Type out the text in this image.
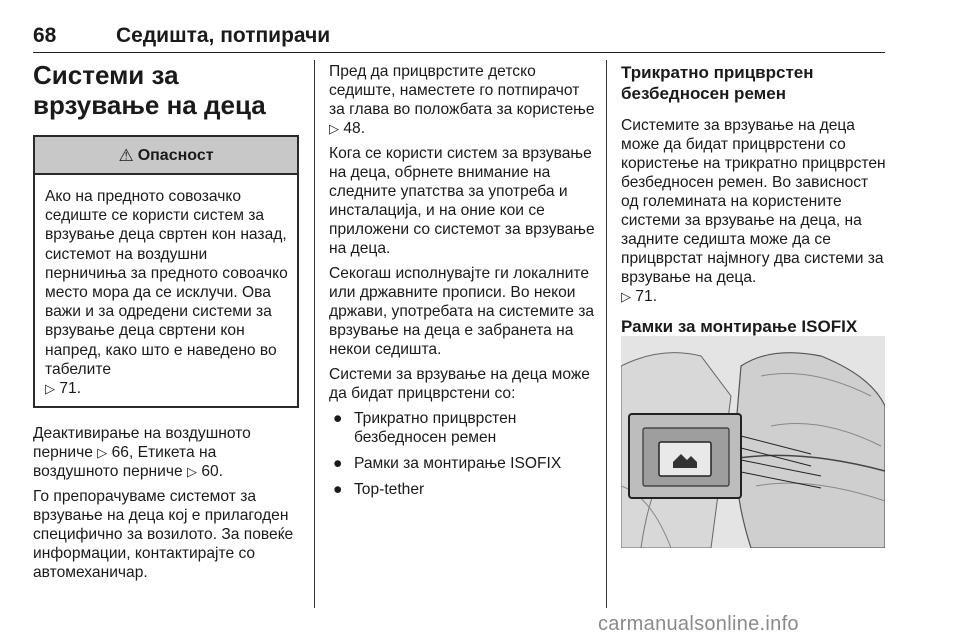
68	Седишта, потпирачи
Системи за врзување на деца
⚠ Опасност
Ако на предното совозачко седиште се користи систем за врзување деца свртен кон назад, системот на воздушни перничиња за предното совоачко место мора да се исклучи. Ова важи и за одредени системи за врзување деца свртени кон напред, како што е наведено во табелите
▷ 71.

Деактивирање на воздушното перниче ▷ 66, Етикета на воздушното перниче ▷ 60.

Го препорачуваме системот за врзување на деца кој е прилагоден специфично за возилото. За повеќе информации, контактирајте со автомеханичар.

Пред да прицврстите детско седиште, наместете го потпирачот за глава во положбата за користење ▷ 48.

Кога се користи систем за врзување на деца, обрнете внимание на следните упатства за употреба и инсталација, и на оние кои се приложени со системот за врзување на деца.

Секогаш исполнувајте ги локалните или државните прописи. Во некои држави, употребата на системите за врзување на деца е забранета на некои седишта.

Системи за врзување на деца може да бидат прицврстени со:

● Трикратно прицврстен безбедносен ремен
● Рамки за монтирање ISOFIX
● Top-tether
Трикратно прицврстен безбедносен ремен

Системите за врзување на деца може да бидат прицврстени со користење на трикратно прицврстен безбедносен ремен. Во зависност од големината на користените системи за врзување на деца, на задните седишта може да се прицврстат најмногу два системи за врзување на деца.
▷ 71.

Рамки за монтирање ISOFIX
carmanualsonline.info
